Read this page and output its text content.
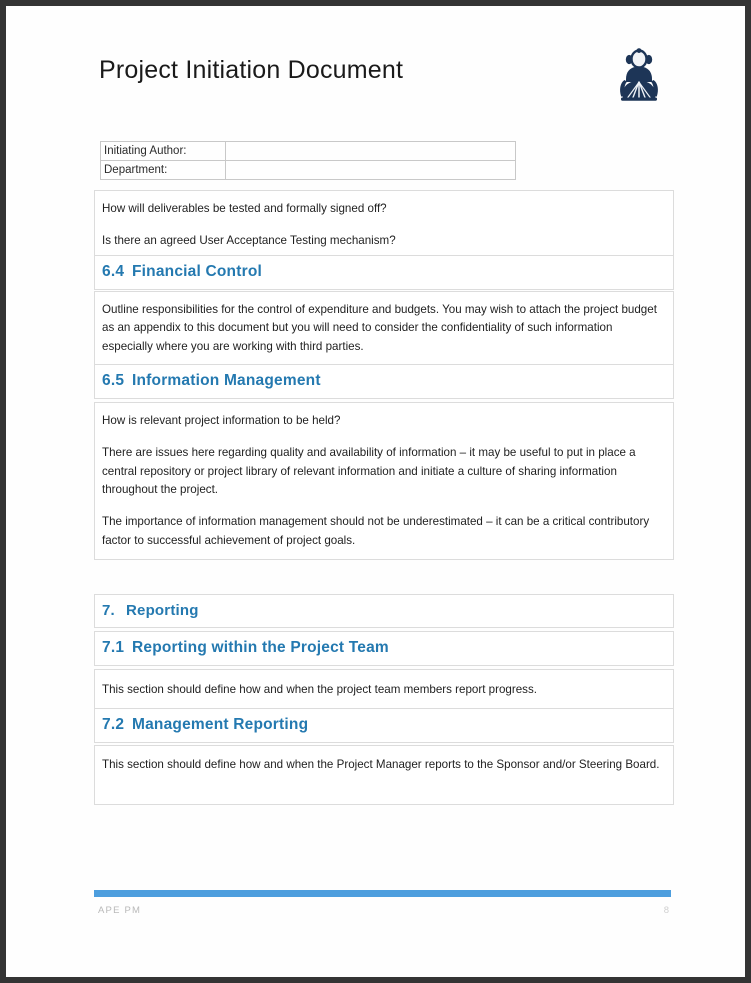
Project Initiation Document
Initiating Author:	
Department:	

How will deliverables be tested and formally signed off?

Is there an agreed User Acceptance Testing mechanism?

6.4 Financial Control

Outline responsibilities for the control of expenditure and budgets. You may wish to attach the project budget as an appendix to this document but you will need to consider the confidentiality of such information especially where you are working with third parties.

6.5 Information Management

How is relevant project information to be held?

There are issues here regarding quality and availability of information – it may be useful to put in place a central repository or project library of relevant information and initiate a culture of sharing information throughout the project.

The importance of information management should not be underestimated – it can be a critical contributory factor to successful achievement of project goals.

7. Reporting
7.1 Reporting within the Project Team

This section should define how and when the project team members report progress.

7.2 Management Reporting

This section should define how and when the Project Manager reports to the Sponsor and/or Steering Board.

APE PM	8
